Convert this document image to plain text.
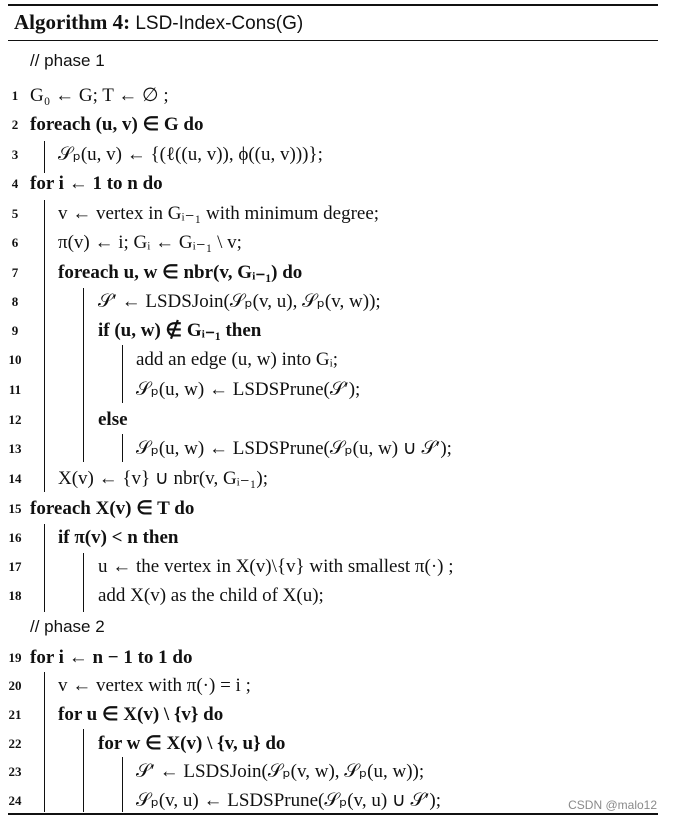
Algorithm 4: LSD-Index-Cons(G)
// phase 1
1 G₀ ← G; T ← ∅ ;
2 foreach (u, v) ∈ G do
3 𝒮ₚ(u, v) ← {(ℓ((u, v)), ϕ((u, v)))};
4 for i ← 1 to n do
5 v ← vertex in Gᵢ₋₁ with minimum degree;
6 π(v) ← i; Gᵢ ← Gᵢ₋₁ \ v;
7 foreach u, w ∈ nbr(v, Gᵢ₋₁) do
8	𝒮′ ← LSDSJoin(𝒮ₚ(v, u), 𝒮ₚ(v, w));
9	if (u, w) ∉ Gᵢ₋₁ then
10	add an edge (u, w) into Gᵢ;
11	𝒮ₚ(u, w) ← LSDSPrune(𝒮′);
12	else
13	𝒮ₚ(u, w) ← LSDSPrune(𝒮ₚ(u, w) ∪ 𝒮′);
14 X(v) ← {v} ∪ nbr(v, Gᵢ₋₁);
15 foreach X(v) ∈ T do
16 if π(v) < n then
17	u ← the vertex in X(v)\{v} with smallest π(·) ;
18	add X(v) as the child of X(u);
// phase 2
19 for i ← n − 1 to 1 do
20 v ← vertex with π(·) = i ;
21 for u ∈ X(v) \ {v} do
22	for w ∈ X(v) \ {v, u} do
23	𝒮′ ← LSDSJoin(𝒮ₚ(v, w), 𝒮ₚ(u, w));
24	𝒮ₚ(v, u) ← LSDSPrune(𝒮ₚ(v, u) ∪ 𝒮′);	CSDN @malo12
